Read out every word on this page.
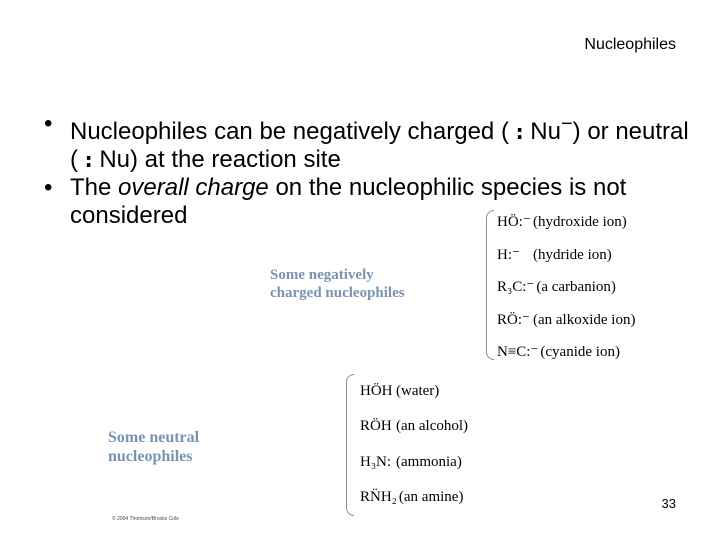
Nucleophiles
• Nucleophiles can be negatively charged ( : Nu−) or neutral ( : Nu) at the reaction site
• The overall charge on the nucleophilic species is not considered
Some negatively
charged nucleophiles
HÖ:⁻ (hydroxide ion)
H:⁻ (hydride ion)
R₃C:⁻ (a carbanion)
RÖ:⁻ (an alkoxide ion)
N≡C:⁻ (cyanide ion)
Some neutral
nucleophiles
HÖH (water)
RÖH (an alcohol)
H₃N: (ammonia)
RN̈H₂ (an amine)
© 2004 Thomson/Brooks Cole
33
